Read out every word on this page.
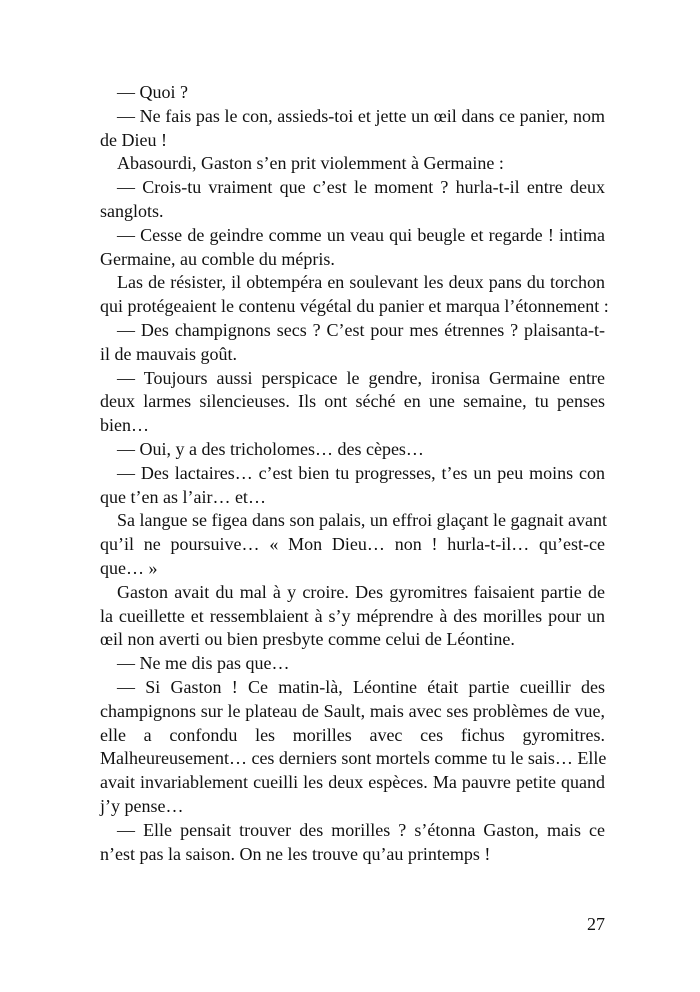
— Quoi ?
— Ne fais pas le con, assieds-toi et jette un œil dans ce panier, nom
de Dieu !
Abasourdi, Gaston s’en prit violemment à Germaine :
— Crois-tu vraiment que c’est le moment ? hurla-t-il entre deux
sanglots.
— Cesse de geindre comme un veau qui beugle et regarde ! intima
Germaine, au comble du mépris.
Las de résister, il obtempéra en soulevant les deux pans du torchon
qui protégeaient le contenu végétal du panier et marqua l’étonnement :
— Des champignons secs ? C’est pour mes étrennes ? plaisanta-t-
il de mauvais goût.
— Toujours aussi perspicace le gendre, ironisa Germaine entre
deux larmes silencieuses. Ils ont séché en une semaine, tu penses
bien…
— Oui, y a des tricholomes… des cèpes…
— Des lactaires… c’est bien tu progresses, t’es un peu moins con
que t’en as l’air… et…
Sa langue se figea dans son palais, un effroi glaçant le gagnait avant
qu’il ne poursuive… « Mon Dieu… non ! hurla-t-il… qu’est-ce
que… »
Gaston avait du mal à y croire. Des gyromitres faisaient partie de
la cueillette et ressemblaient à s’y méprendre à des morilles pour un
œil non averti ou bien presbyte comme celui de Léontine.
— Ne me dis pas que…
— Si Gaston ! Ce matin-là, Léontine était partie cueillir des
champignons sur le plateau de Sault, mais avec ses problèmes de vue,
elle a confondu les morilles avec ces fichus gyromitres.
Malheureusement… ces derniers sont mortels comme tu le sais… Elle
avait invariablement cueilli les deux espèces. Ma pauvre petite quand
j’y pense…
— Elle pensait trouver des morilles ? s’étonna Gaston, mais ce
n’est pas la saison. On ne les trouve qu’au printemps !
27
